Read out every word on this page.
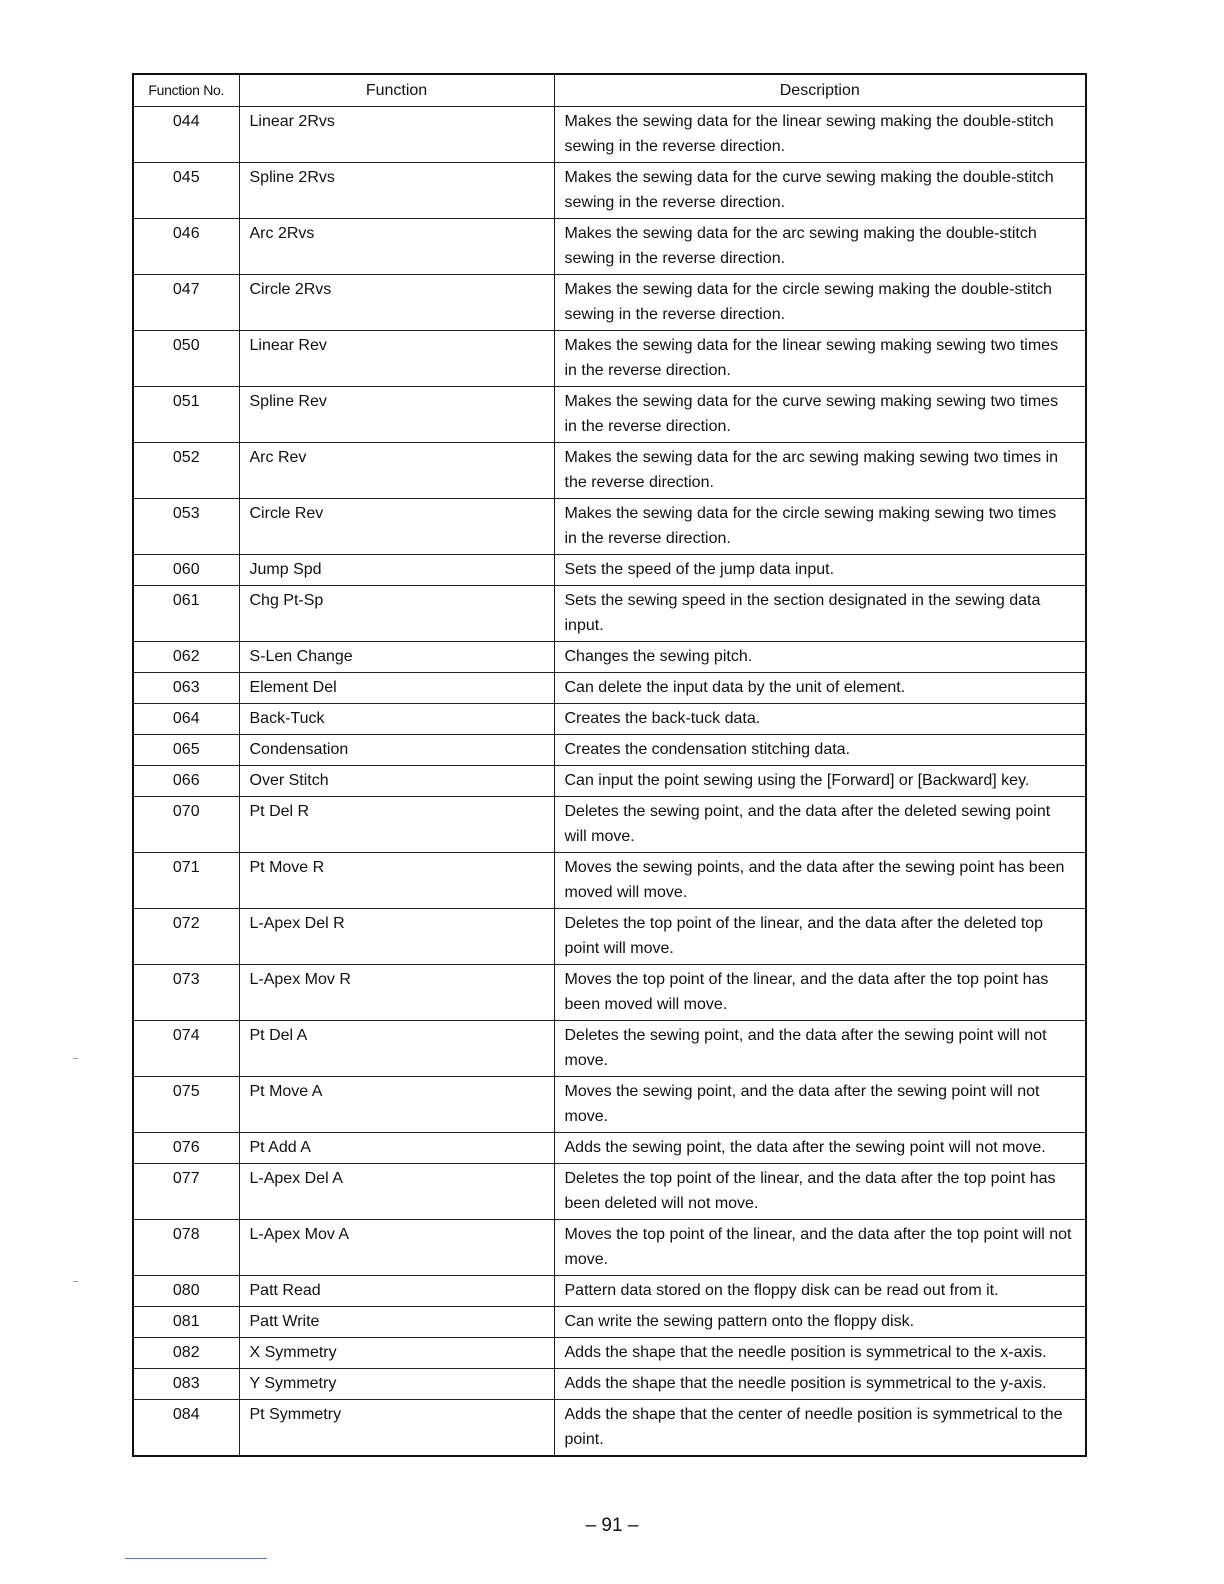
Function No.	Function	Description
044	Linear 2Rvs	Makes the sewing data for the linear sewing making the double-stitch sewing in the reverse direction.
045	Spline 2Rvs	Makes the sewing data for the curve sewing making the double-stitch sewing in the reverse direction.
046	Arc 2Rvs	Makes the sewing data for the arc sewing making the double-stitch sewing in the reverse direction.
047	Circle 2Rvs	Makes the sewing data for the circle sewing making the double-stitch sewing in the reverse direction.
050	Linear Rev	Makes the sewing data for the linear sewing making sewing two times in the reverse direction.
051	Spline Rev	Makes the sewing data for the curve sewing making sewing two times in the reverse direction.
052	Arc Rev	Makes the sewing data for the arc sewing making sewing two times in the reverse direction.
053	Circle Rev	Makes the sewing data for the circle sewing making sewing two times in the reverse direction.
060	Jump Spd	Sets the speed of the jump data input.
061	Chg Pt-Sp	Sets the sewing speed in the section designated in the sewing data input.
062	S-Len Change	Changes the sewing pitch.
063	Element Del	Can delete the input data by the unit of element.
064	Back-Tuck	Creates the back-tuck data.
065	Condensation	Creates the condensation stitching data.
066	Over Stitch	Can input the point sewing using the [Forward] or [Backward] key.
070	Pt Del R	Deletes the sewing point, and the data after the deleted sewing point will move.
071	Pt Move R	Moves the sewing points, and the data after the sewing point has been moved will move.
072	L-Apex Del R	Deletes the top point of the linear, and the data after the deleted top point will move.
073	L-Apex Mov R	Moves the top point of the linear, and the data after the top point has been moved will move.
074	Pt Del A	Deletes the sewing point, and the data after the sewing point will not move.
075	Pt Move A	Moves the sewing point, and the data after the sewing point will not move.
076	Pt Add A	Adds the sewing point, the data after the sewing point will not move.
077	L-Apex Del A	Deletes the top point of the linear, and the data after the top point has been deleted will not move.
078	L-Apex Mov A	Moves the top point of the linear, and the data after the top point will not move.
080	Patt Read	Pattern data stored on the floppy disk can be read out from it.
081	Patt Write	Can write the sewing pattern onto the floppy disk.
082	X Symmetry	Adds the shape that the needle position is symmetrical to the x-axis.
083	Y Symmetry	Adds the shape that the needle position is symmetrical to the y-axis.
084	Pt Symmetry	Adds the shape that the center of needle position is symmetrical to the point.
– 91 –
